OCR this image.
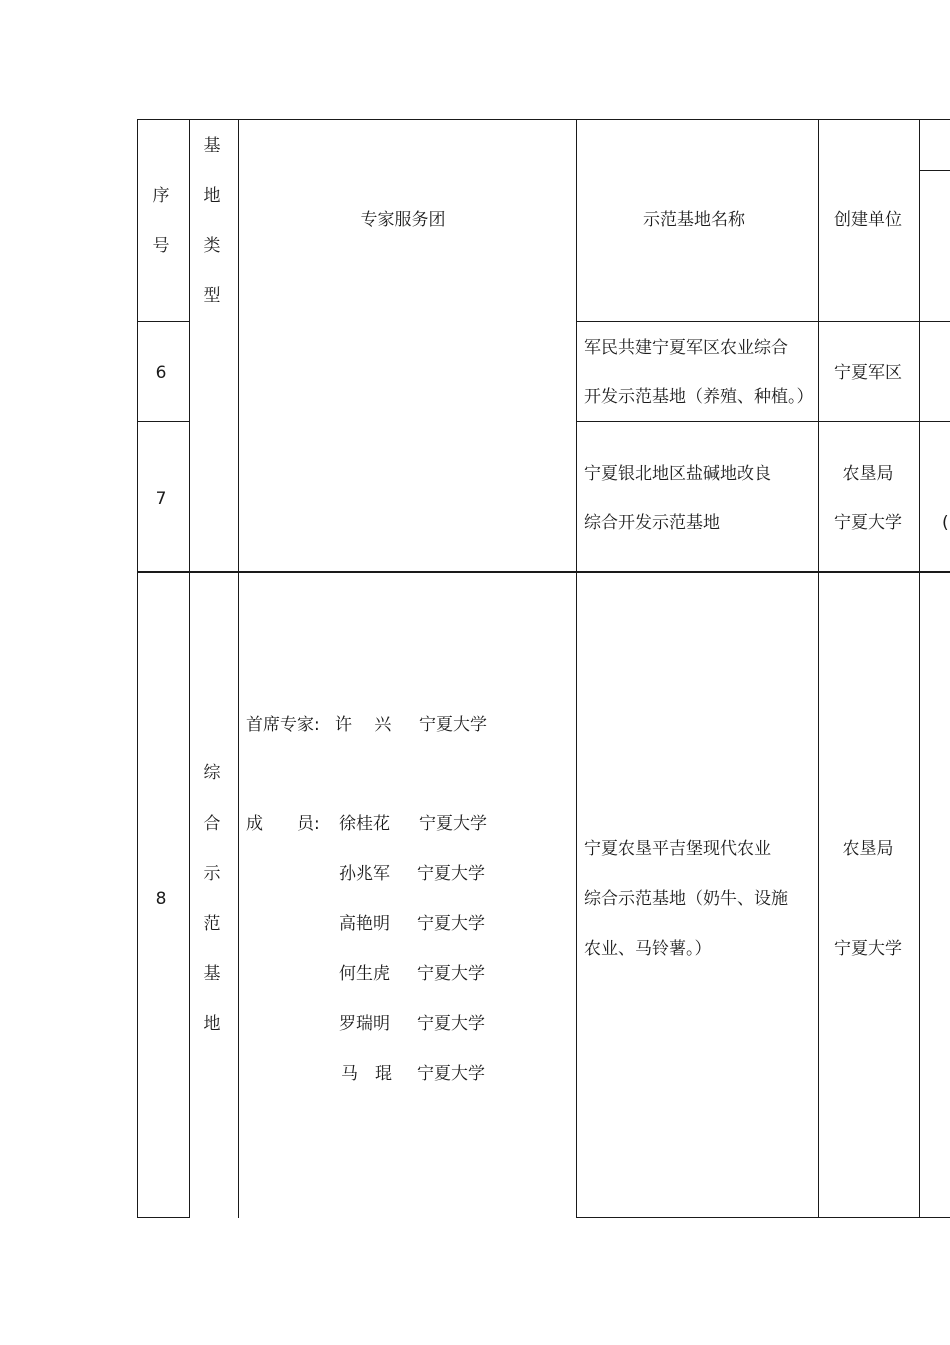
序
号
基
地
类
型
专家服务团	示范基地名称	创建单位
6
军民共建宁夏军区农业综合
开发示范基地（养殖、种植。）
宁夏军区
7
宁夏银北地区盐碱地改良
综合开发示范基地
农垦局
宁夏大学 (
8
综
合
示
范
基
地
首席专家: 许　 兴 宁夏大学
成　　员: 徐桂花 宁夏大学
孙兆军 宁夏大学
高艳明 宁夏大学
何生虎 宁夏大学
罗瑞明 宁夏大学
马　琨 宁夏大学
宁夏农垦平吉堡现代农业
综合示范基地（奶牛、设施
农业、马铃薯。）
农垦局
宁夏大学
